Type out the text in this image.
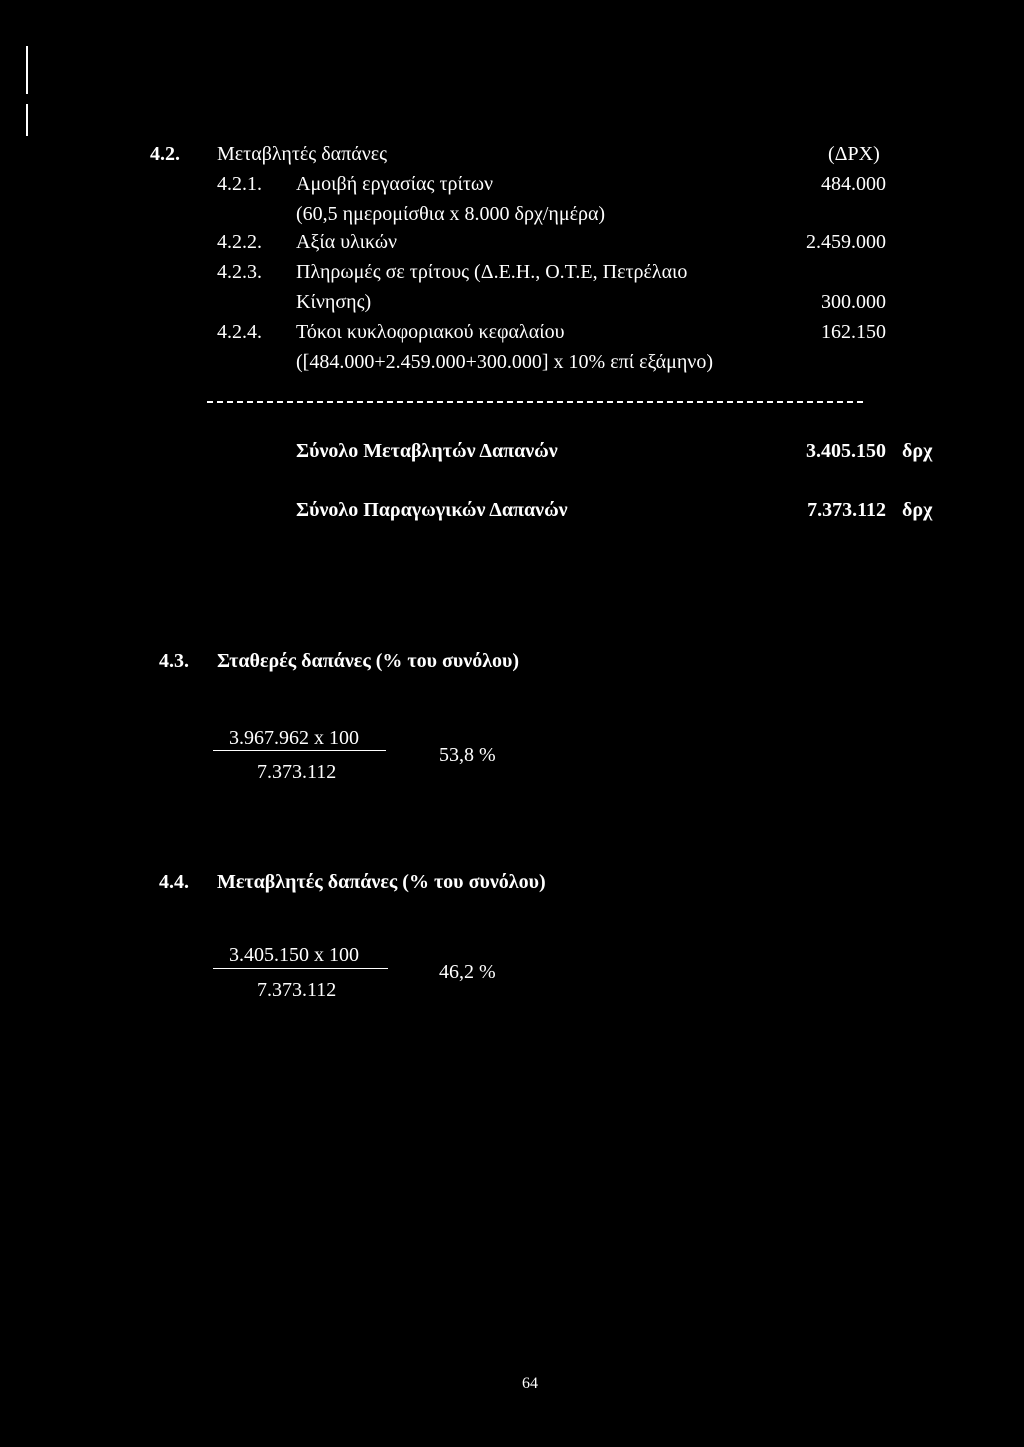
4.2. Μεταβλητές δαπάνες	(ΔΡΧ)
4.2.1. Αμοιβή εργασίας τρίτων	484.000
(60,5 ημερομίσθια x 8.000 δρχ/ημέρα)
4.2.2. Αξία υλικών	2.459.000
4.2.3. Πληρωμές σε τρίτους (Δ.Ε.Η., Ο.Τ.Ε, Πετρέλαιο
Κίνησης)	300.000
4.2.4. Τόκοι κυκλοφοριακού κεφαλαίου	162.150
([484.000+2.459.000+300.000] x 10% επί εξάμηνο)
Σύνολο Μεταβλητών Δαπανών	3.405.150 δρχ
Σύνολο Παραγωγικών Δαπανών	7.373.112 δρχ
4.3. Σταθερές δαπάνες (% του συνόλου)
3.967.962 x 100
7.373.112
53,8 %
4.4. Μεταβλητές δαπάνες (% του συνόλου)
3.405.150 x 100
7.373.112
46,2 %
64
